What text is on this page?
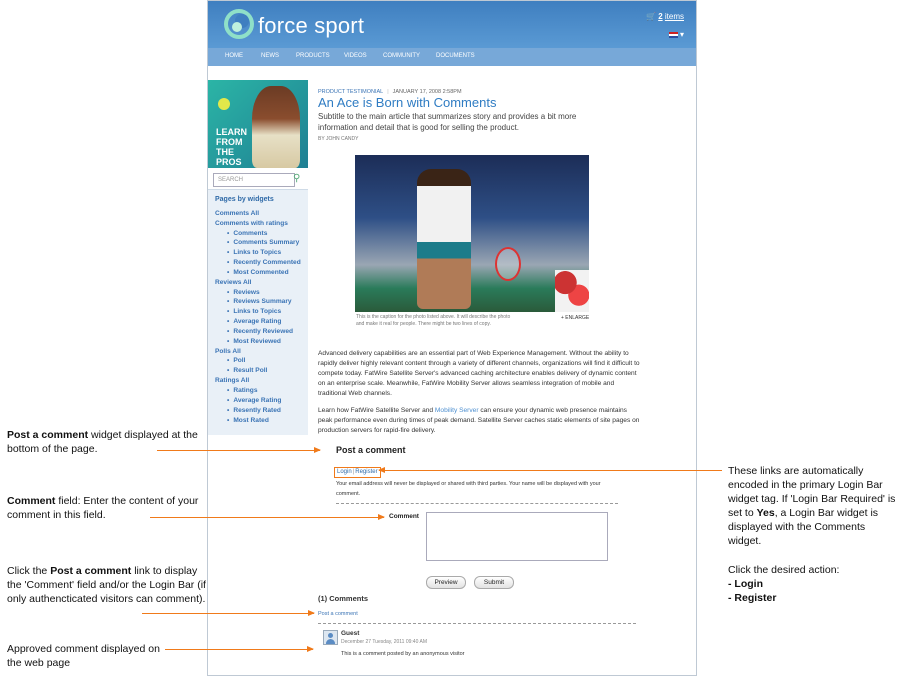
force sport	🛒 2 items
▾
HOME	NEWS	PRODUCTS VIDEOS	COMMUNITY	DOCUMENTS
LEARN
FROM
THE
PROS
SEARCH	⚲
Pages by widgets
Comments All
Comments with ratings
• Comments
• Comments Summary
• Links to Topics
• Recently Commented
• Most Commented
Reviews All
• Reviews
• Reviews Summary
• Links to Topics
• Average Rating
• Recently Reviewed
• Most Reviewed
Polls All
• Poll
• Result Poll
Ratings All
• Ratings
• Average Rating
• Resently Rated
• Most Rated
PRODUCT TESTIMONIAL | JANUARY 17, 2008 2:58PM
An Ace is Born with Comments
Subtitle to the main article that summarizes story and provides a bit more information and detail that is good for selling the product.
BY JOHN CANDY
This is the caption for the photo listed above. It will describe the photo and make it real for people. There might be two lines of copy.
+ ENLARGE

Advanced delivery capabilities are an essential part of Web Experience Management. Without the ability to rapidly deliver highly relevant content through a variety of different channels, organizations will find it difficult to compete today. FatWire Satellite Server's advanced caching architecture enables delivery of dynamic content on an enterprise scale. Meanwhile, FatWire Mobility Server allows seamless integration of mobile and traditional Web channels.

Learn how FatWire Satellite Server and Mobility Server can ensure your dynamic web presence maintains peak performance even during times of peak demand. Satellite Server caches static elements of site pages on production servers for rapid-fire delivery.

Post a comment
Login|Register
Your email address will never be displayed or shared with third parties. Your name will be displayed with your comment.
Comment
Preview	Submit
(1) Comments
Post a comment
Guest
December 27 Tuesday, 2011 09:40 AM
This is a comment posted by an anonymous visitor
Post a comment widget displayed at the bottom of the page.
Comment field: Enter the content of your comment in this field.
Click the Post a comment link to display the 'Comment' field and/or the Login Bar (if only authencticated visitors can comment).
Approved comment displayed on the web page
These links are automatically encoded in the primary Login Bar widget tag. If 'Login Bar Required' is set to Yes, a Login Bar widget is displayed with the Comments widget.
Click the desired action:
- Login
- Register
